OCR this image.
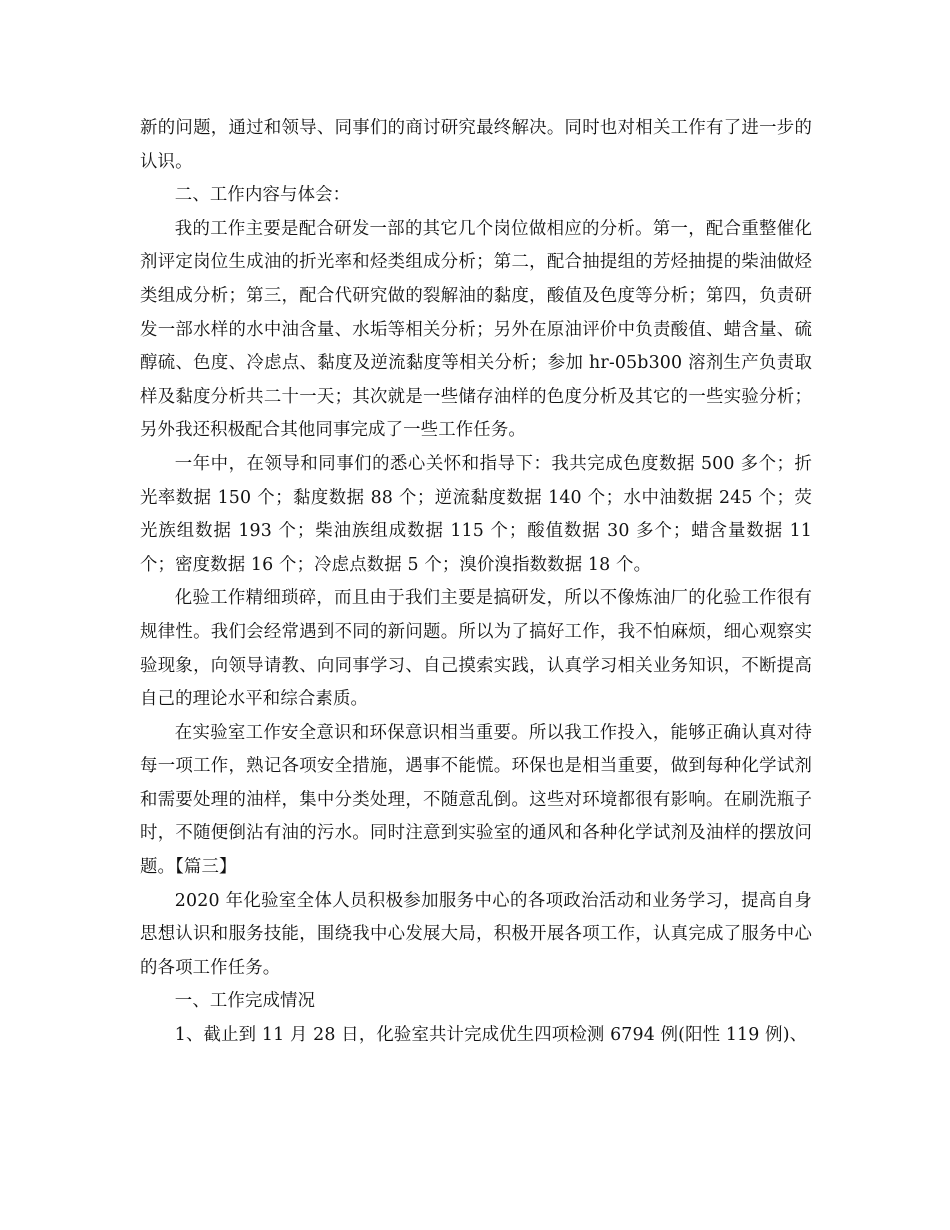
新的问题，通过和领导、同事们的商讨研究最终解决。同时也对相关工作有了进一步的认识。

二、工作内容与体会：

我的工作主要是配合研发一部的其它几个岗位做相应的分析。第一，配合重整催化剂评定岗位生成油的折光率和烃类组成分析；第二，配合抽提组的芳烃抽提的柴油做烃类组成分析；第三，配合代研究做的裂解油的黏度，酸值及色度等分析；第四，负责研发一部水样的水中油含量、水垢等相关分析；另外在原油评价中负责酸值、蜡含量、硫醇硫、色度、冷虑点、黏度及逆流黏度等相关分析；参加 hr-05b300 溶剂生产负责取样及黏度分析共二十一天；其次就是一些储存油样的色度分析及其它的一些实验分析；另外我还积极配合其他同事完成了一些工作任务。

一年中，在领导和同事们的悉心关怀和指导下：我共完成色度数据 500 多个；折光率数据 150 个；黏度数据 88 个；逆流黏度数据 140 个；水中油数据 245 个；荧光族组数据 193 个；柴油族组成数据 115 个；酸值数据 30 多个；蜡含量数据 11 个；密度数据 16 个；冷虑点数据 5 个；溴价溴指数数据 18 个。

化验工作精细琐碎，而且由于我们主要是搞研发，所以不像炼油厂的化验工作很有规律性。我们会经常遇到不同的新问题。所以为了搞好工作，我不怕麻烦，细心观察实验现象，向领导请教、向同事学习、自己摸索实践，认真学习相关业务知识，不断提高自己的理论水平和综合素质。

在实验室工作安全意识和环保意识相当重要。所以我工作投入，能够正确认真对待每一项工作，熟记各项安全措施，遇事不能慌。环保也是相当重要，做到每种化学试剂和需要处理的油样，集中分类处理，不随意乱倒。这些对环境都很有影响。在刷洗瓶子时，不随便倒沾有油的污水。同时注意到实验室的通风和各种化学试剂及油样的摆放问题。【篇三】

2020 年化验室全体人员积极参加服务中心的各项政治活动和业务学习，提高自身思想认识和服务技能，围绕我中心发展大局，积极开展各项工作，认真完成了服务中心的各项工作任务。

一、工作完成情况

1、截止到 11 月 28 日，化验室共计完成优生四项检测 6794 例(阳性 119 例)、
